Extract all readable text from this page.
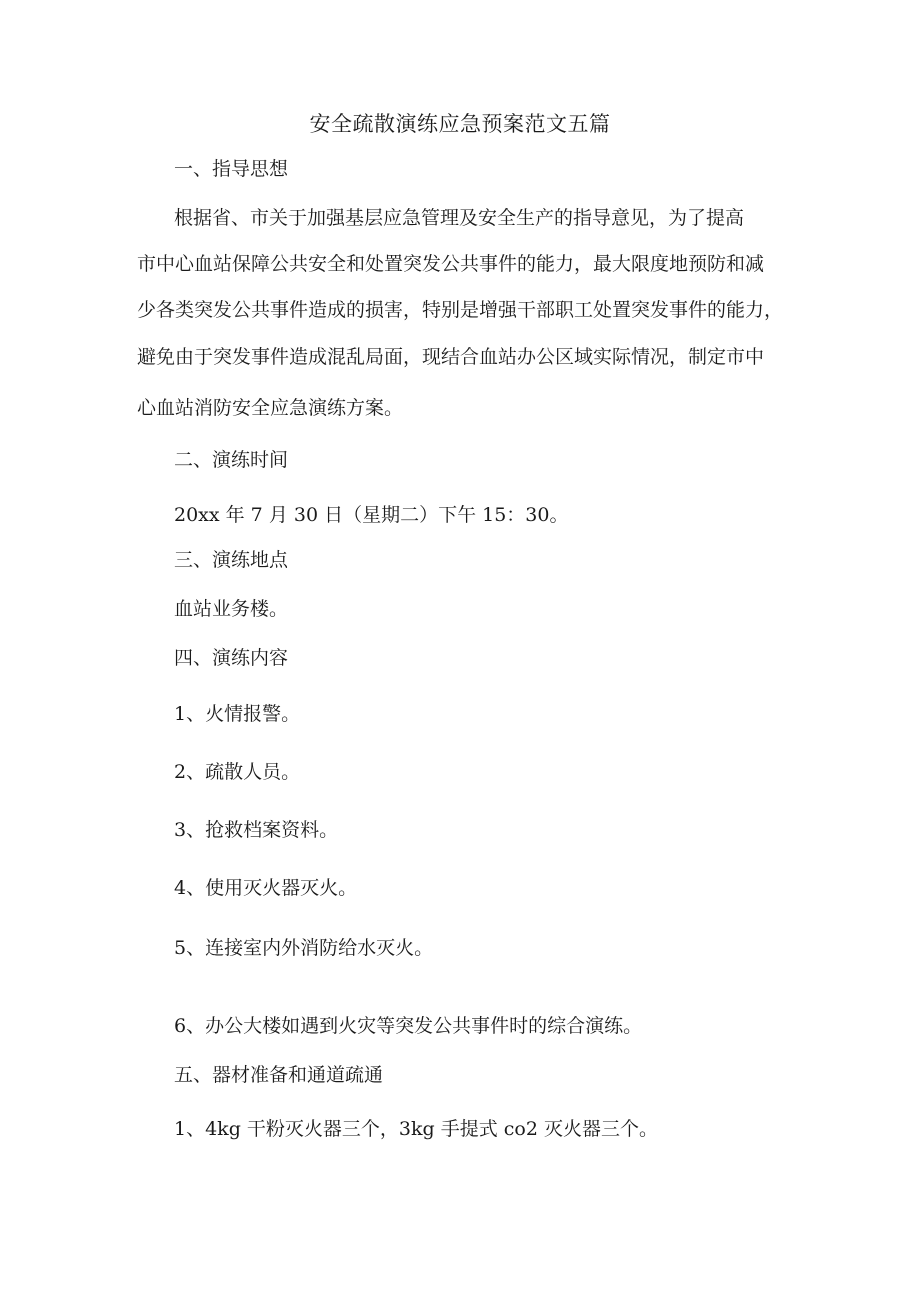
安全疏散演练应急预案范文五篇

一、指导思想

根据省、市关于加强基层应急管理及安全生产的指导意见，为了提高

市中心血站保障公共安全和处置突发公共事件的能力，最大限度地预防和减

少各类突发公共事件造成的损害，特别是增强干部职工处置突发事件的能力，

避免由于突发事件造成混乱局面，现结合血站办公区域实际情况，制定市中

心血站消防安全应急演练方案。

二、演练时间

20xx 年 7 月 30 日（星期二）下午 15：30。

三、演练地点

血站业务楼。

四、演练内容

1、火情报警。

2、疏散人员。

3、抢救档案资料。

4、使用灭火器灭火。

5、连接室内外消防给水灭火。

6、办公大楼如遇到火灾等突发公共事件时的综合演练。

五、器材准备和通道疏通

1、4kg 干粉灭火器三个，3kg 手提式 co2 灭火器三个。
